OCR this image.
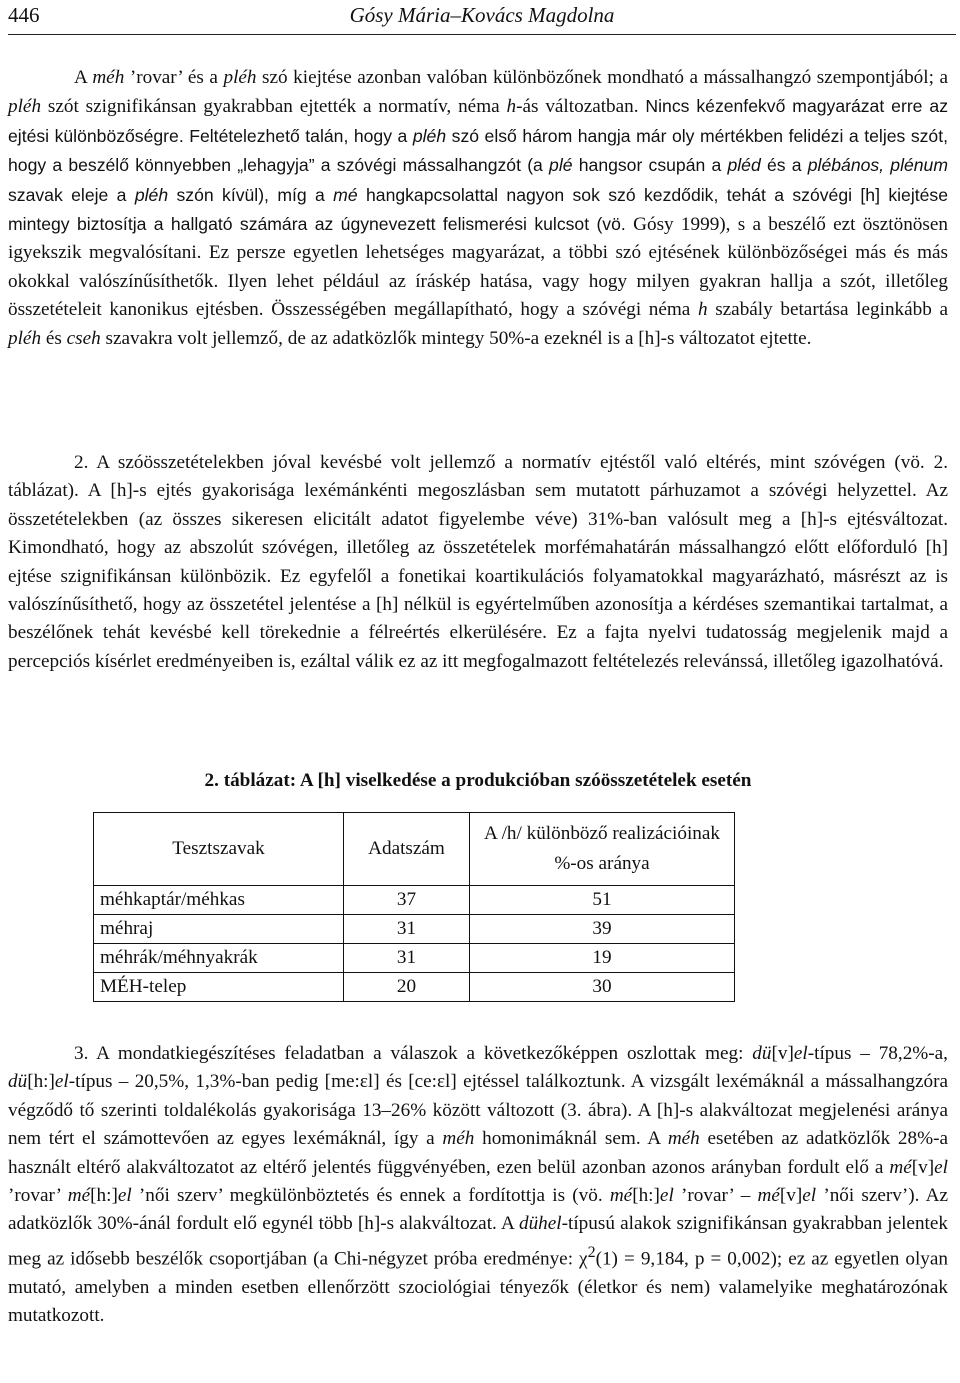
446	Gósy Mária–Kovács Magdolna

A méh ’rovar’ és a pléh szó kiejtése azonban valóban különbözőnek mondható a mássalhangzó szempontjából; a pléh szót szignifikánsan gyakrabban ejtették a normatív, néma h-ás változatban. Nincs kézenfekvő magyarázat erre az ejtési különbözőségre. Feltételezhető talán, hogy a pléh szó első három hangja már oly mértékben felidézi a teljes szót, hogy a beszélő könnyebben „lehagyja” a szóvégi mássalhangzót (a plé hangsor csupán a pléd és a plébános, plénum szavak eleje a pléh szón kívül), míg a mé hangkapcsolattal nagyon sok szó kezdődik, tehát a szóvégi [h] kiejtése mintegy biztosítja a hallgató számára az úgynevezett felismerési kulcsot (vö. Gósy 1999), s a beszélő ezt ösztönösen igyekszik megvalósítani. Ez persze egyetlen lehetséges magyarázat, a többi szó ejtésének különbözőségei más és más okokkal valószínűsíthetők. Ilyen lehet például az íráskép hatása, vagy hogy milyen gyakran hallja a szót, illetőleg összetételeit kanonikus ejtésben. Összességében megállapítható, hogy a szóvégi néma h szabály betartása leginkább a pléh és cseh szavakra volt jellemző, de az adatközlők mintegy 50%-a ezeknél is a [h]-s változatot ejtette.

2. A szóösszetételekben jóval kevésbé volt jellemző a normatív ejtéstől való eltérés, mint szóvégen (vö. 2. táblázat). A [h]-s ejtés gyakorisága lexémánkénti megoszlásban sem mutatott párhuzamot a szóvégi helyzettel. Az összetételekben (az összes sikeresen elicitált adatot figyelembe véve) 31%-ban valósult meg a [h]-s ejtésváltozat. Kimondható, hogy az abszolút szóvégen, illetőleg az összetételek morfémahatárán mássalhangzó előtt előforduló [h] ejtése szignifikánsan különbözik. Ez egyfelől a fonetikai koartikulációs folyamatokkal magyarázható, másrészt az is valószínűsíthető, hogy az összetétel jelentése a [h] nélkül is egyértelműben azonosítja a kérdéses szemantikai tartalmat, a beszélőnek tehát kevésbé kell törekednie a félreértés elkerülésére. Ez a fajta nyelvi tudatosság megjelenik majd a percepciós kísérlet eredményeiben is, ezáltal válik ez az itt megfogalmazott feltételezés relevánssá, illetőleg igazolhatóvá.

2. táblázat: A [h] viselkedése a produkcióban szóösszetételek esetén
Tesztszavak	Adatszám	A /h/ különböző realizációinak
%-os aránya
méhkaptár/méhkas	37	51
méhraj	31	39
méhrák/méhnyakrák	31	19
MÉH-telep	20	30

3. A mondatkiegészítéses feladatban a válaszok a következőképpen oszlottak meg: dü[v]el-típus – 78,2%-a, dü[h:]el-típus – 20,5%, 1,3%-ban pedig [me:ɛl] és [ce:ɛl] ejtéssel találkoztunk. A vizsgált lexémáknál a mássalhangzóra végződő tő szerinti toldalékolás gyakorisága 13–26% között változott (3. ábra). A [h]-s alakváltozat megjelenési aránya nem tért el számottevően az egyes lexémáknál, így a méh homonimáknál sem. A méh esetében az adatközlők 28%-a használt eltérő alakváltozatot az eltérő jelentés függvényében, ezen belül azonban azonos arányban fordult elő a mé[v]el ’rovar’ mé[h:]el ’női szerv’ megkülönböztetés és ennek a fordítottja is (vö. mé[h:]el ’rovar’ – mé[v]el ’női szerv’). Az adatközlők 30%-ánál fordult elő egynél több [h]-s alakváltozat. A dühel-típusú alakok szignifikánsan gyakrabban jelentek meg az idősebb beszélők csoportjában (a Chi-négyzet próba eredménye: $\chi^2(1) = 9,184$, p = 0,002); ez az egyetlen olyan mutató, amelyben a minden esetben ellenőrzött szociológiai tényezők (életkor és nem) valamelyike meghatározónak mutatkozott.
